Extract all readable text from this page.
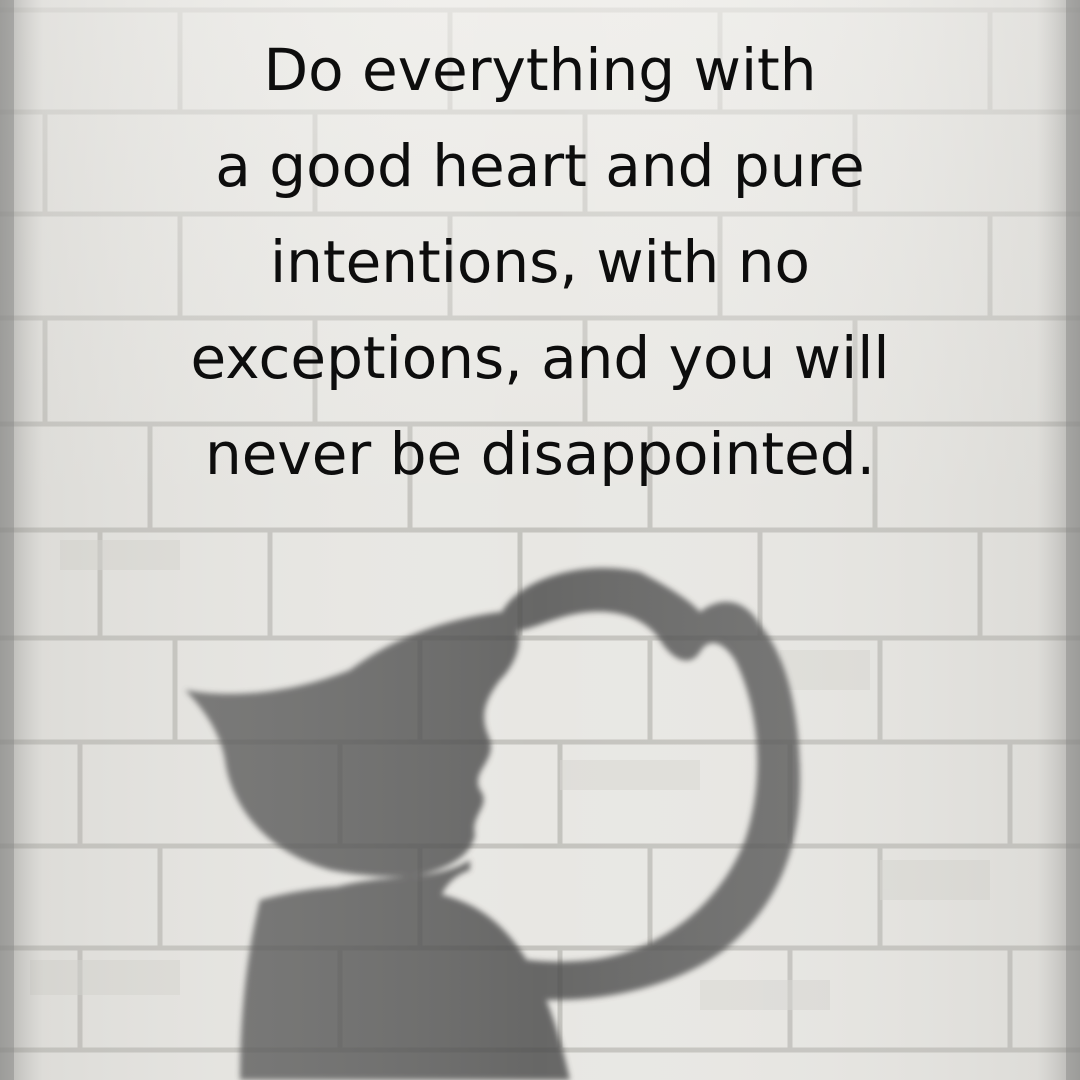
Do everything with
a good heart and pure
intentions, with no
exceptions, and you will
never be disappointed.
